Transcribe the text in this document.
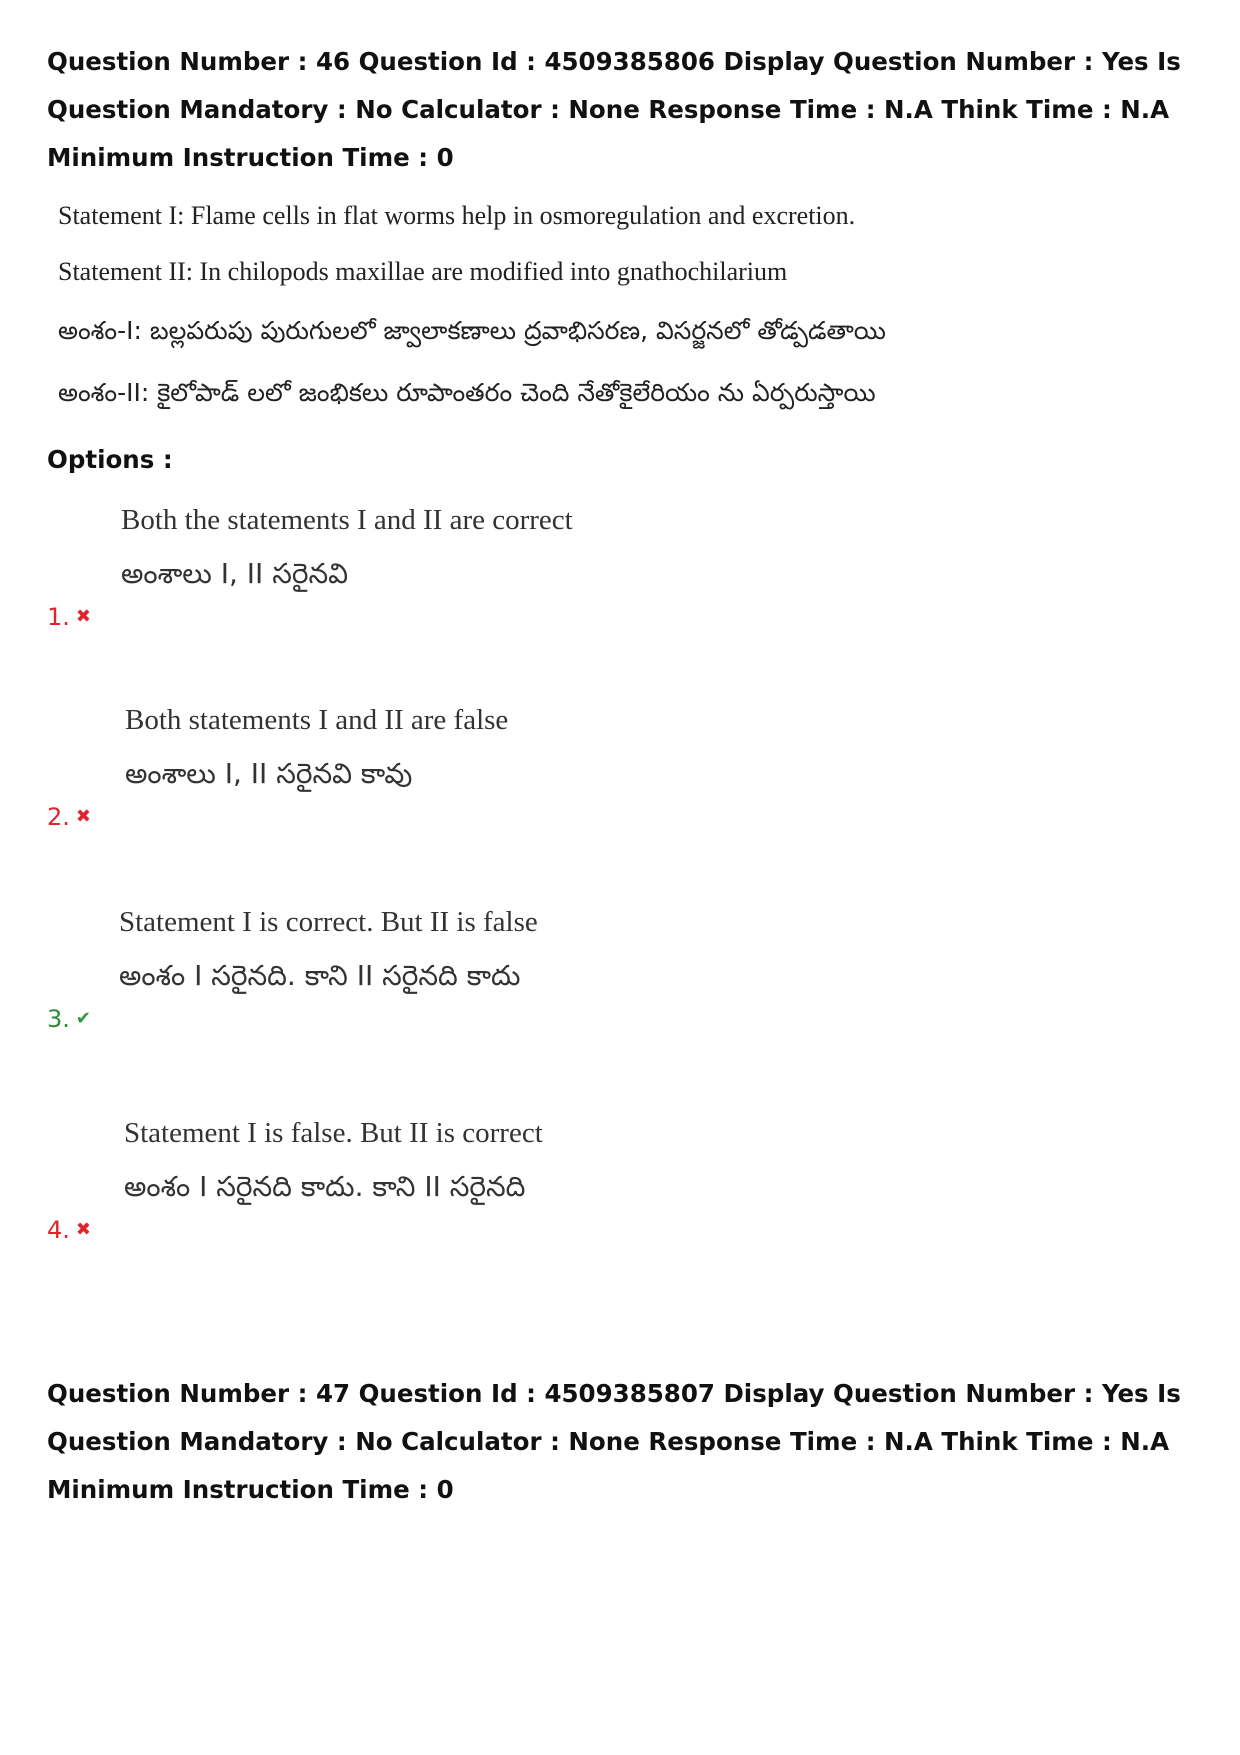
Question Number : 46 Question Id : 4509385806 Display Question Number : Yes Is Question Mandatory : No Calculator : None Response Time : N.A Think Time : N.A Minimum Instruction Time : 0
Statement I: Flame cells in flat worms help in osmoregulation and excretion.
Statement II: In chilopods maxillae are modified into gnathochilarium
అంశం-I: బల్లపరుపు పురుగులలో జ్వాలాకణాలు ద్రవాభిసరణ, విసర్జనలో తోడ్పడతాయి
అంశం-II: కైలోపాడ్ లలో జంభికలు రూపాంతరం చెంది నేతోకైలేరియం ను ఏర్పరుస్తాయి
Options :
Both the statements I and II are correct
అంశాలు I, II సరైనవి
1. ✖
Both statements I and II are false
అంశాలు I, II సరైనవి కావు
2. ✖
Statement I is correct. But II is false
అంశం I సరైనది. కాని II సరైనది కాదు
3. ✔
Statement I is false. But II is correct
అంశం I సరైనది కాదు. కాని II సరైనది
4. ✖
Question Number : 47 Question Id : 4509385807 Display Question Number : Yes Is Question Mandatory : No Calculator : None Response Time : N.A Think Time : N.A Minimum Instruction Time : 0
